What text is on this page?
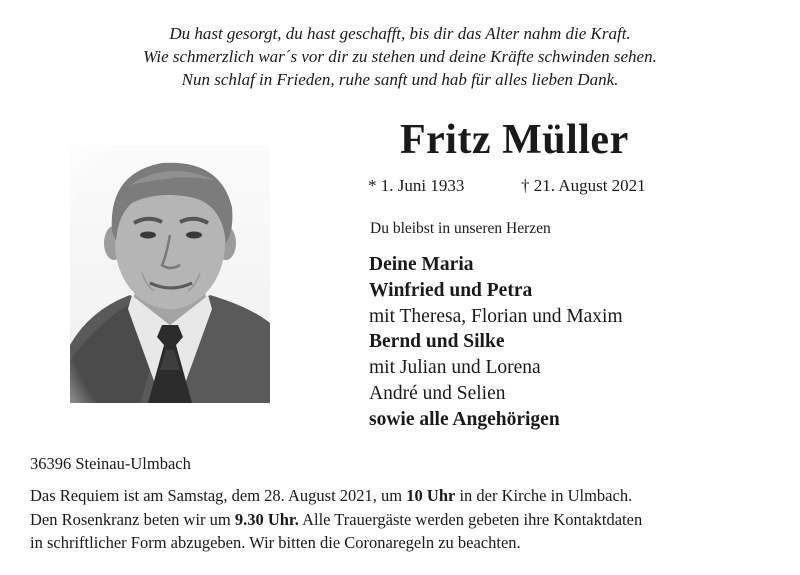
Du hast gesorgt, du hast geschafft, bis dir das Alter nahm die Kraft.
Wie schmerzlich war´s vor dir zu stehen und deine Kräfte schwinden sehen.
Nun schlaf in Frieden, ruhe sanft und hab für alles lieben Dank.
Fritz Müller
* 1. Juni 1933	† 21. August 2021
Du bleibst in unseren Herzen
Deine Maria
Winfried und Petra
mit Theresa, Florian und Maxim
Bernd und Silke
mit Julian und Lorena
André und Selien
sowie alle Angehörigen
36396 Steinau-Ulmbach
Das Requiem ist am Samstag, dem 28. August 2021, um 10 Uhr in der Kirche in Ulmbach.
Den Rosenkranz beten wir um 9.30 Uhr. Alle Trauergäste werden gebeten ihre Kontaktdaten
in schriftlicher Form abzugeben. Wir bitten die Coronaregeln zu beachten.
